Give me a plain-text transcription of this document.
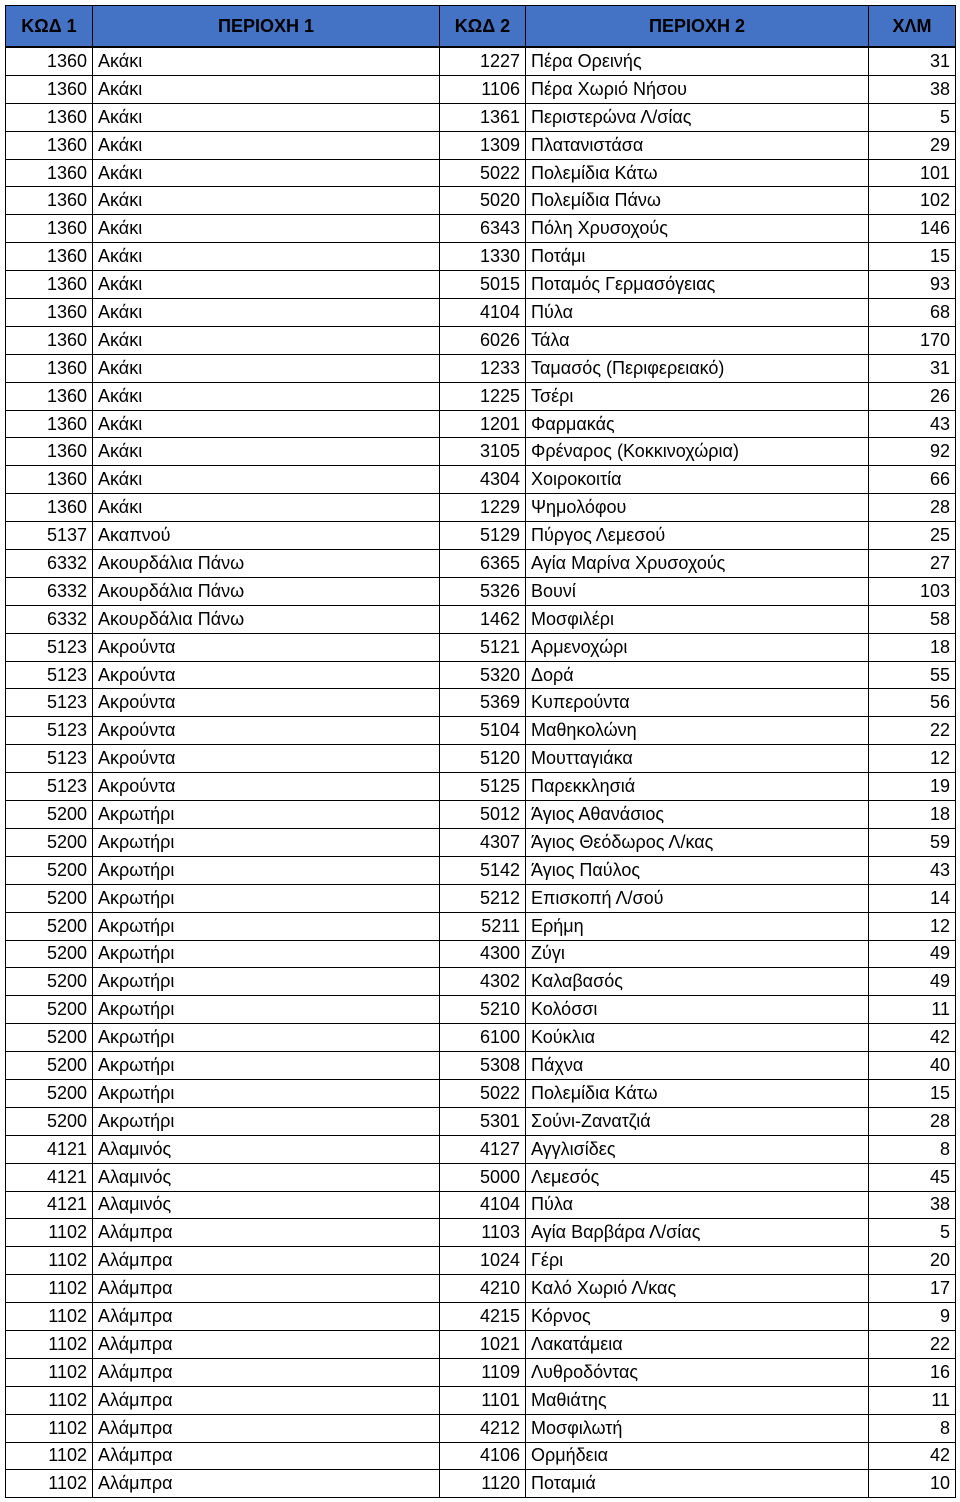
ΚΩΔ 1	ΠΕΡΙΟΧΗ 1	ΚΩΔ 2	ΠΕΡΙΟΧΗ 2	ΧΛΜ
1360	Ακάκι	1227	Πέρα Ορεινής	31
1360	Ακάκι	1106	Πέρα Χωριό Νήσου	38
1360	Ακάκι	1361	Περιστερώνα Λ/σίας	5
1360	Ακάκι	1309	Πλατανιστάσα	29
1360	Ακάκι	5022	Πολεμίδια Κάτω	101
1360	Ακάκι	5020	Πολεμίδια Πάνω	102
1360	Ακάκι	6343	Πόλη Χρυσοχούς	146
1360	Ακάκι	1330	Ποτάμι	15
1360	Ακάκι	5015	Ποταμός Γερμασόγειας	93
1360	Ακάκι	4104	Πύλα	68
1360	Ακάκι	6026	Τάλα	170
1360	Ακάκι	1233	Ταμασός (Περιφερειακό)	31
1360	Ακάκι	1225	Τσέρι	26
1360	Ακάκι	1201	Φαρμακάς	43
1360	Ακάκι	3105	Φρέναρος (Κοκκινοχώρια)	92
1360	Ακάκι	4304	Χοιροκοιτία	66
1360	Ακάκι	1229	Ψημολόφου	28
5137	Ακαπνού	5129	Πύργος Λεμεσού	25
6332	Ακουρδάλια Πάνω	6365	Αγία Μαρίνα Χρυσοχούς	27
6332	Ακουρδάλια Πάνω	5326	Βουνί	103
6332	Ακουρδάλια Πάνω	1462	Μοσφιλέρι	58
5123	Ακρούντα	5121	Αρμενοχώρι	18
5123	Ακρούντα	5320	Δορά	55
5123	Ακρούντα	5369	Κυπερούντα	56
5123	Ακρούντα	5104	Μαθηκολώνη	22
5123	Ακρούντα	5120	Μουτταγιάκα	12
5123	Ακρούντα	5125	Παρεκκλησιά	19
5200	Ακρωτήρι	5012	Άγιος Αθανάσιος	18
5200	Ακρωτήρι	4307	Άγιος Θεόδωρος Λ/κας	59
5200	Ακρωτήρι	5142	Άγιος Παύλος	43
5200	Ακρωτήρι	5212	Επισκοπή Λ/σού	14
5200	Ακρωτήρι	5211	Ερήμη	12
5200	Ακρωτήρι	4300	Ζύγι	49
5200	Ακρωτήρι	4302	Καλαβασός	49
5200	Ακρωτήρι	5210	Κολόσσι	11
5200	Ακρωτήρι	6100	Κούκλια	42
5200	Ακρωτήρι	5308	Πάχνα	40
5200	Ακρωτήρι	5022	Πολεμίδια Κάτω	15
5200	Ακρωτήρι	5301	Σούνι-Ζανατζιά	28
4121	Αλαμινός	4127	Αγγλισίδες	8
4121	Αλαμινός	5000	Λεμεσός	45
4121	Αλαμινός	4104	Πύλα	38
1102	Αλάμπρα	1103	Αγία Βαρβάρα Λ/σίας	5
1102	Αλάμπρα	1024	Γέρι	20
1102	Αλάμπρα	4210	Καλό Χωριό Λ/κας	17
1102	Αλάμπρα	4215	Κόρνος	9
1102	Αλάμπρα	1021	Λακατάμεια	22
1102	Αλάμπρα	1109	Λυθροδόντας	16
1102	Αλάμπρα	1101	Μαθιάτης	11
1102	Αλάμπρα	4212	Μοσφιλωτή	8
1102	Αλάμπρα	4106	Ορμήδεια	42
1102	Αλάμπρα	1120	Ποταμιά	10
